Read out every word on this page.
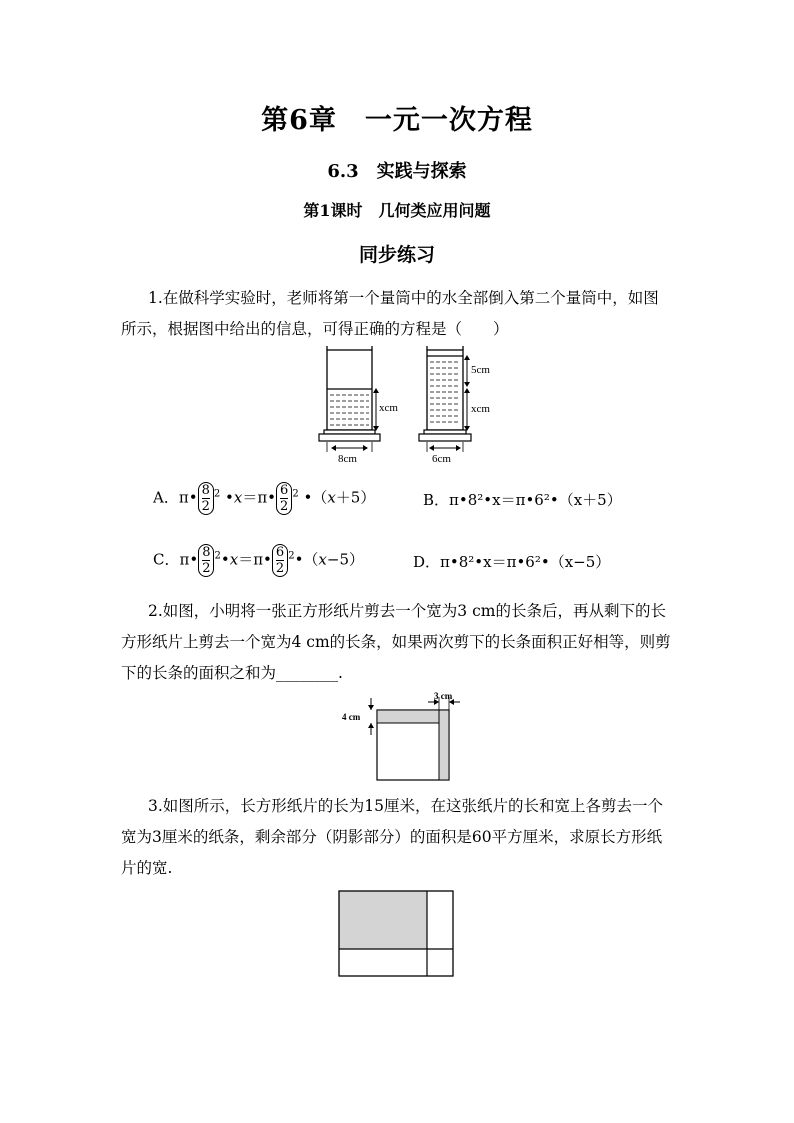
第6章　一元一次方程
6.3　实践与探索
第1课时　几何类应用问题
同步练习
1.在做科学实验时，老师将第一个量筒中的水全部倒入第二个量筒中，如图
所示，根据图中给出的信息，可得正确的方程是（　　）
xcm
8cm
5cm
xcm
6cm
A．π• $\frac{8}{2} ^2$ •x＝π• $\frac{6}{2} ^2$ •（x＋5）	B．π•8²•x＝π•6²•（x＋5）
C．π• $\frac{8}{2}$ $^2$•x＝π• $\frac{6}{2}$ $^2$•（x−5）	D．π•8²•x＝π•6²•（x−5）
2.如图，小明将一张正方形纸片剪去一个宽为3 cm的长条后，再从剩下的长
方形纸片上剪去一个宽为4 cm的长条，如果两次剪下的长条面积正好相等，则剪
下的长条的面积之和为________.
4 cm
3 cm
3.如图所示，长方形纸片的长为15厘米，在这张纸片的长和宽上各剪去一个
宽为3厘米的纸条，剩余部分（阴影部分）的面积是60平方厘米，求原长方形纸
片的宽.
